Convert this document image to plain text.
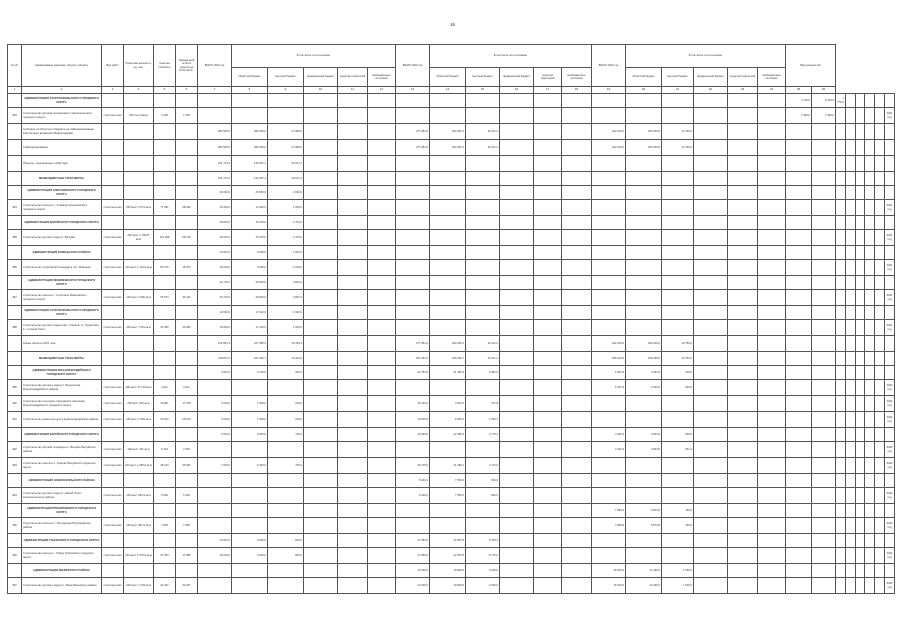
16
№ п/п	Наименование заказчика, объекта, объекта	Вид работ	Проектная мощность, ед. изм.	Сметная стоимость	Ожидае-мый остаток средств на 01.01.2021 г.	ВСЕГО 2021 год	В том числе по источникам:					ВСЕГО 2022 год	В том числе по источникам:					ВСЕГО 2023 год	В том числе по источникам:					Ввод мощностей							
							областной бюджет	местный бюджет	федеральный бюджет	средства территорий	внебюджетные источники		областной бюджет	местный бюджет	федеральный бюджет	средства территорий	внебюджетные источники		областной бюджет	местный бюджет	федеральный бюджет	средства территорий	внебюджетные источники								
1	2	3	4	5	6	7	8	9	10	11	12	13	14	15	16	17	18	19	20	21	22	23	24	25	26						
	АДМИНИСТРАЦИЯ СТАРООСКОЛЬСКОГО ГОРОДСКОГО ОКРУГА																							7 100,0	5 325,0	1 775,0					
383	Строительство детской поликлиники Старооскольского городского округа	строительство	600 пос./смену	1 500	1 500																			1 500,0	1 500,0						2021 год
	Субсидии из областного бюджета на софинансирование капитальных вложений (Подпрограмма)					284 565,6	256 309,0	27 956,6				277 081,0	260 650,1	26 411,2				192 016,0	180 246,0	10 760,0											
	Софинансирование					284 565,6	256 309,0	27 956,6				277 081,0	260 650,1	26 411,2				192 016,0	180 246,0	10 760,0											
	Объекты, переходящие с 2020 года					161 714,3	130 297,1	20 017,2																							
	МЕЖБЮДЖЕТНЫЕ ТРАНСФЕРТЫ					161 714,3	134 297,1	20 017,2																							
	АДМИНИСТРАЦИЯ АЛЕКСЕЕВСКОГО ГОРОДСКОГО ОКРУГА					30 000,0	25 660,0	3 000,0																							
384	Строительство школы в с. Хлевище Алексеевского городского округа	строительство	550 мест 9 573 кв.м	77 281	68 030	16 000,0	14 400,0	1 600,0																							2021 год
	АДМИНИСТРАЦИЯ ВАЛУЙСКОГО ГОРОДСКОГО ОКРУГА					18 000,0	15 370,0	1 370,0																							
385	Строительство детского сада в г. Валуйки	строительство	250 мест 2 700,87 кв.м	161 098	68 740	18 000,0	15 370,0	1 370,0																							2021 год
	АДМИНИСТРАЦИЯ РОВЕНЬСКОГО РАЙОНА					10 000,0	9 090,0	1 000,0																							
386	Строительство спортивной площадки в пос. Ровеньки	строительство	310 мест 1 100,9 кв.м	89 720	15 972	10 000,0	9 090,0	1 000,0																							2021 год
	АДМИНИСТРАЦИЯ ЯКОВЛЕВСКОГО ГОРОДСКОГО ОКРУГА					34 710,0	30 810,0	3 831,0																							
387	Строительство школы в г. Строитель Яковлевского городского округа	строительство	100 мест 2 060 кв.м	65 673	46 111	34 710,0	30 810,0	3 831,0																							2021 год
	АДМИНИСТРАЦИЯ СТАРООСКОЛЬСКОГО ГОРОДСКОГО ОКРУГА					19 000,0	17 100,0	1 900,0																							
388	Строительство детского сада в мкр. Степной, ул. Рудничная в г. Старый Оскол	строительство	400 мест 7 051 кв.м	65 395	33 962	19 000,0	17 100,0	1 900,0																							2021 год
	Новые объекты 2021 года					122 851,3	107 685,9	15 165,4				277 081,0	260 650,1	26 411,2				192 016,0	180 246,0	10 760,0											
	МЕЖБЮДЖЕТНЫЕ ТРАНСФЕРТЫ					118 871,3	104 426,7	14 444,6				251 061,0	226 640,7	24 411,2				185 016,0	165 165,0	10 760,0											
	АДМИНИСТРАЦИЯ КРАСНОГВАРДЕЙСКОГО ГОРОДСКОГО ОКРУГА					4 000,0	3 700,0	300,0				23 760,0	21 450,3	2 351,6				5 367,8	4 332,9	975,0											
389	Строительство детского сада в с. Верхососна Красногвардейского района	строительство	200 мест 477,29 кв.м	4 011	2 011													5 367,8	4 332,9	945,0											2024 год
390	Строительство культурно-спортивного комплекса Красногвардейского городского округа	строительство	250 мест 924 кв.м	18 861	17 078	2 000,0	1 800,0	200,0				16 132,0	3 610,4	371,8																	2022 год
391	Строительство дома культуры в Красногвардейском районе	строительство	250 мест 1 549 кв.м	90 512	25 076	2 000,0	1 800,0	200,0				10 875,6	9 654,1	1 066,7																	2022 год
	АДМИНИСТРАЦИЯ ВАЛУЙСКОГО ГОРОДСКОГО ОКРУГА					3 000,0	2 900,0	700,0				44 939,0	42 485,3	2 775,4				4 446,9	3 904,9	548,0											
392	Строительство детской площадки в г. Валуйки Валуйского района	строительство	100 мест 151 кв.м	6 443	2 443													4 446,9	3 904,9	541,4											2023 год
393	Строительство школы в п. Уразово Валуйского городского округа	строительство	100 мест 1 280,6 кв.м	45 103	45 260	7 000,0	6 300,0	700,0				46 275,0	41 486,1	4 772,0																	2022 год
	АДМИНИСТРАЦИЯ НОВООСКОЛЬСКОГО РАЙОНА											8 400,4	7 560,0	840,0																	
394	Строительство детского сада в г. Новый Оскол Новооскольского района	строительство	100 мест 182,9 кв.м	5 000	5 400							8 400,0	7 560,0	840,0																	2022 год
	АДМИНИСТРАЦИЯ ПРОХОРОВСКОГО ГОРОДСКОГО ОКРУГА																	7 893,9	6 873,8	790,0											
395	Строительство школы в п. Прохоровка Прохоровского района	строительство	100 мест 251,9 кв.м	7 893	7 893													7 893,9	6 873,8	790,0											2023 год
	АДМИНИСТРАЦИЯ ГУБКИНСКОГО ГОРОДСКОГО ОКРУГА					10 000,0	9 000,0	800,0				47 850,0	42 597,8	5 766,4																	
396	Строительство школы в г. Губкин Губкинского городского округа	строительство	150 мест 1 576,9 кв.м	57 053	17 880	10 000,0	9 000,0	800,0				47 850,0	42 597,8	5 776,0																	2022 год
	АДМИНИСТРАЦИЯ ИВНЯНСКОГО РАЙОНА											22 000,0	19 800,0	2 200,0				16 000,0	14 400,0	1 600,0											
397	Строительство детского сада в п. Ивня Ивнянского района	строительство	200 мест 1 679 кв.м	34 267	34 267							22 000,0	19 800,0	2 200,0				16 000,0	14 400,0	1 600,0											2023 год
